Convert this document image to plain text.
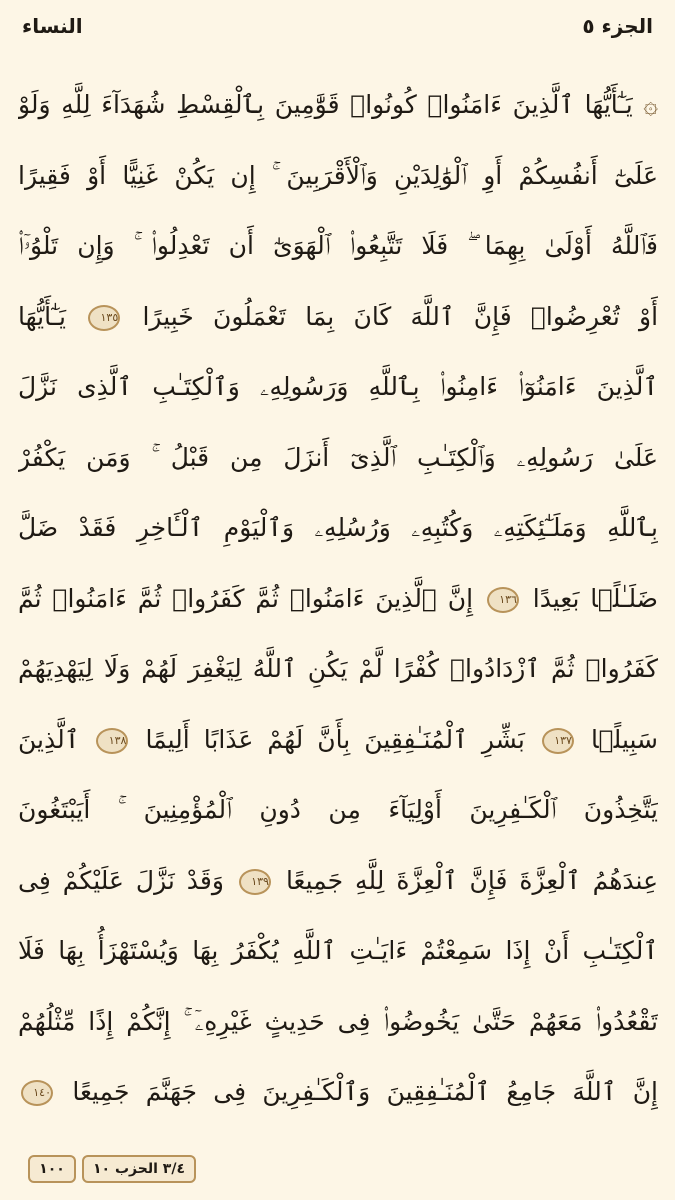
الجزء ٥
النساء
۞ يَـٰٓأَيُّهَا ٱلَّذِينَ ءَامَنُوا۟ كُونُوا۟ قَوَّٰمِينَ بِٱلْقِسْطِ شُهَدَآءَ لِلَّهِ وَلَوْ
عَلَىٰٓ أَنفُسِكُمْ أَوِ ٱلْوَٰلِدَيْنِ وَٱلْأَقْرَبِينَ ۚ إِن يَكُنْ غَنِيًّا أَوْ فَقِيرًا
فَٱللَّهُ أَوْلَىٰ بِهِمَا ۖ فَلَا تَتَّبِعُوا۟ ٱلْهَوَىٰٓ أَن تَعْدِلُوا۟ ۚ وَإِن تَلْوُۥٓا۟
أَوْ تُعْرِضُوا۟ فَإِنَّ ٱللَّهَ كَانَ بِمَا تَعْمَلُونَ خَبِيرًا ١٣٥ يَـٰٓأَيُّهَا
ٱلَّذِينَ ءَامَنُوٓا۟ ءَامِنُوا۟ بِٱللَّهِ وَرَسُولِهِۦ وَٱلْكِتَـٰبِ ٱلَّذِى نَزَّلَ
عَلَىٰ رَسُولِهِۦ وَٱلْكِتَـٰبِ ٱلَّذِىٓ أَنزَلَ مِن قَبْلُ ۚ وَمَن يَكْفُرْ
بِٱللَّهِ وَمَلَـٰٓئِكَتِهِۦ وَكُتُبِهِۦ وَرُسُلِهِۦ وَٱلْيَوْمِ ٱلْـَٔاخِرِ فَقَدْ ضَلَّ
ضَلَـٰلًۢا بَعِيدًا ١٣٦ إِنَّ ٱلَّذِينَ ءَامَنُوا۟ ثُمَّ كَفَرُوا۟ ثُمَّ ءَامَنُوا۟ ثُمَّ
كَفَرُوا۟ ثُمَّ ٱزْدَادُوا۟ كُفْرًا لَّمْ يَكُنِ ٱللَّهُ لِيَغْفِرَ لَهُمْ وَلَا لِيَهْدِيَهُمْ
سَبِيلًۢا ١٣٧ بَشِّرِ ٱلْمُنَـٰفِقِينَ بِأَنَّ لَهُمْ عَذَابًا أَلِيمًا ١٣٨ ٱلَّذِينَ
يَتَّخِذُونَ ٱلْكَـٰفِرِينَ أَوْلِيَآءَ مِن دُونِ ٱلْمُؤْمِنِينَ ۚ أَيَبْتَغُونَ
عِندَهُمُ ٱلْعِزَّةَ فَإِنَّ ٱلْعِزَّةَ لِلَّهِ جَمِيعًا ١٣٩ وَقَدْ نَزَّلَ عَلَيْكُمْ فِى
ٱلْكِتَـٰبِ أَنْ إِذَا سَمِعْتُمْ ءَايَـٰتِ ٱللَّهِ يُكْفَرُ بِهَا وَيُسْتَهْزَأُ بِهَا فَلَا
تَقْعُدُوا۟ مَعَهُمْ حَتَّىٰ يَخُوضُوا۟ فِى حَدِيثٍ غَيْرِهِۦٓ ۚ إِنَّكُمْ إِذًا مِّثْلُهُمْ
إِنَّ ٱللَّهَ جَامِعُ ٱلْمُنَـٰفِقِينَ وَٱلْكَـٰفِرِينَ فِى جَهَنَّمَ جَمِيعًا ١٤٠
١٠٠	٣/٤ الحزب ١٠
